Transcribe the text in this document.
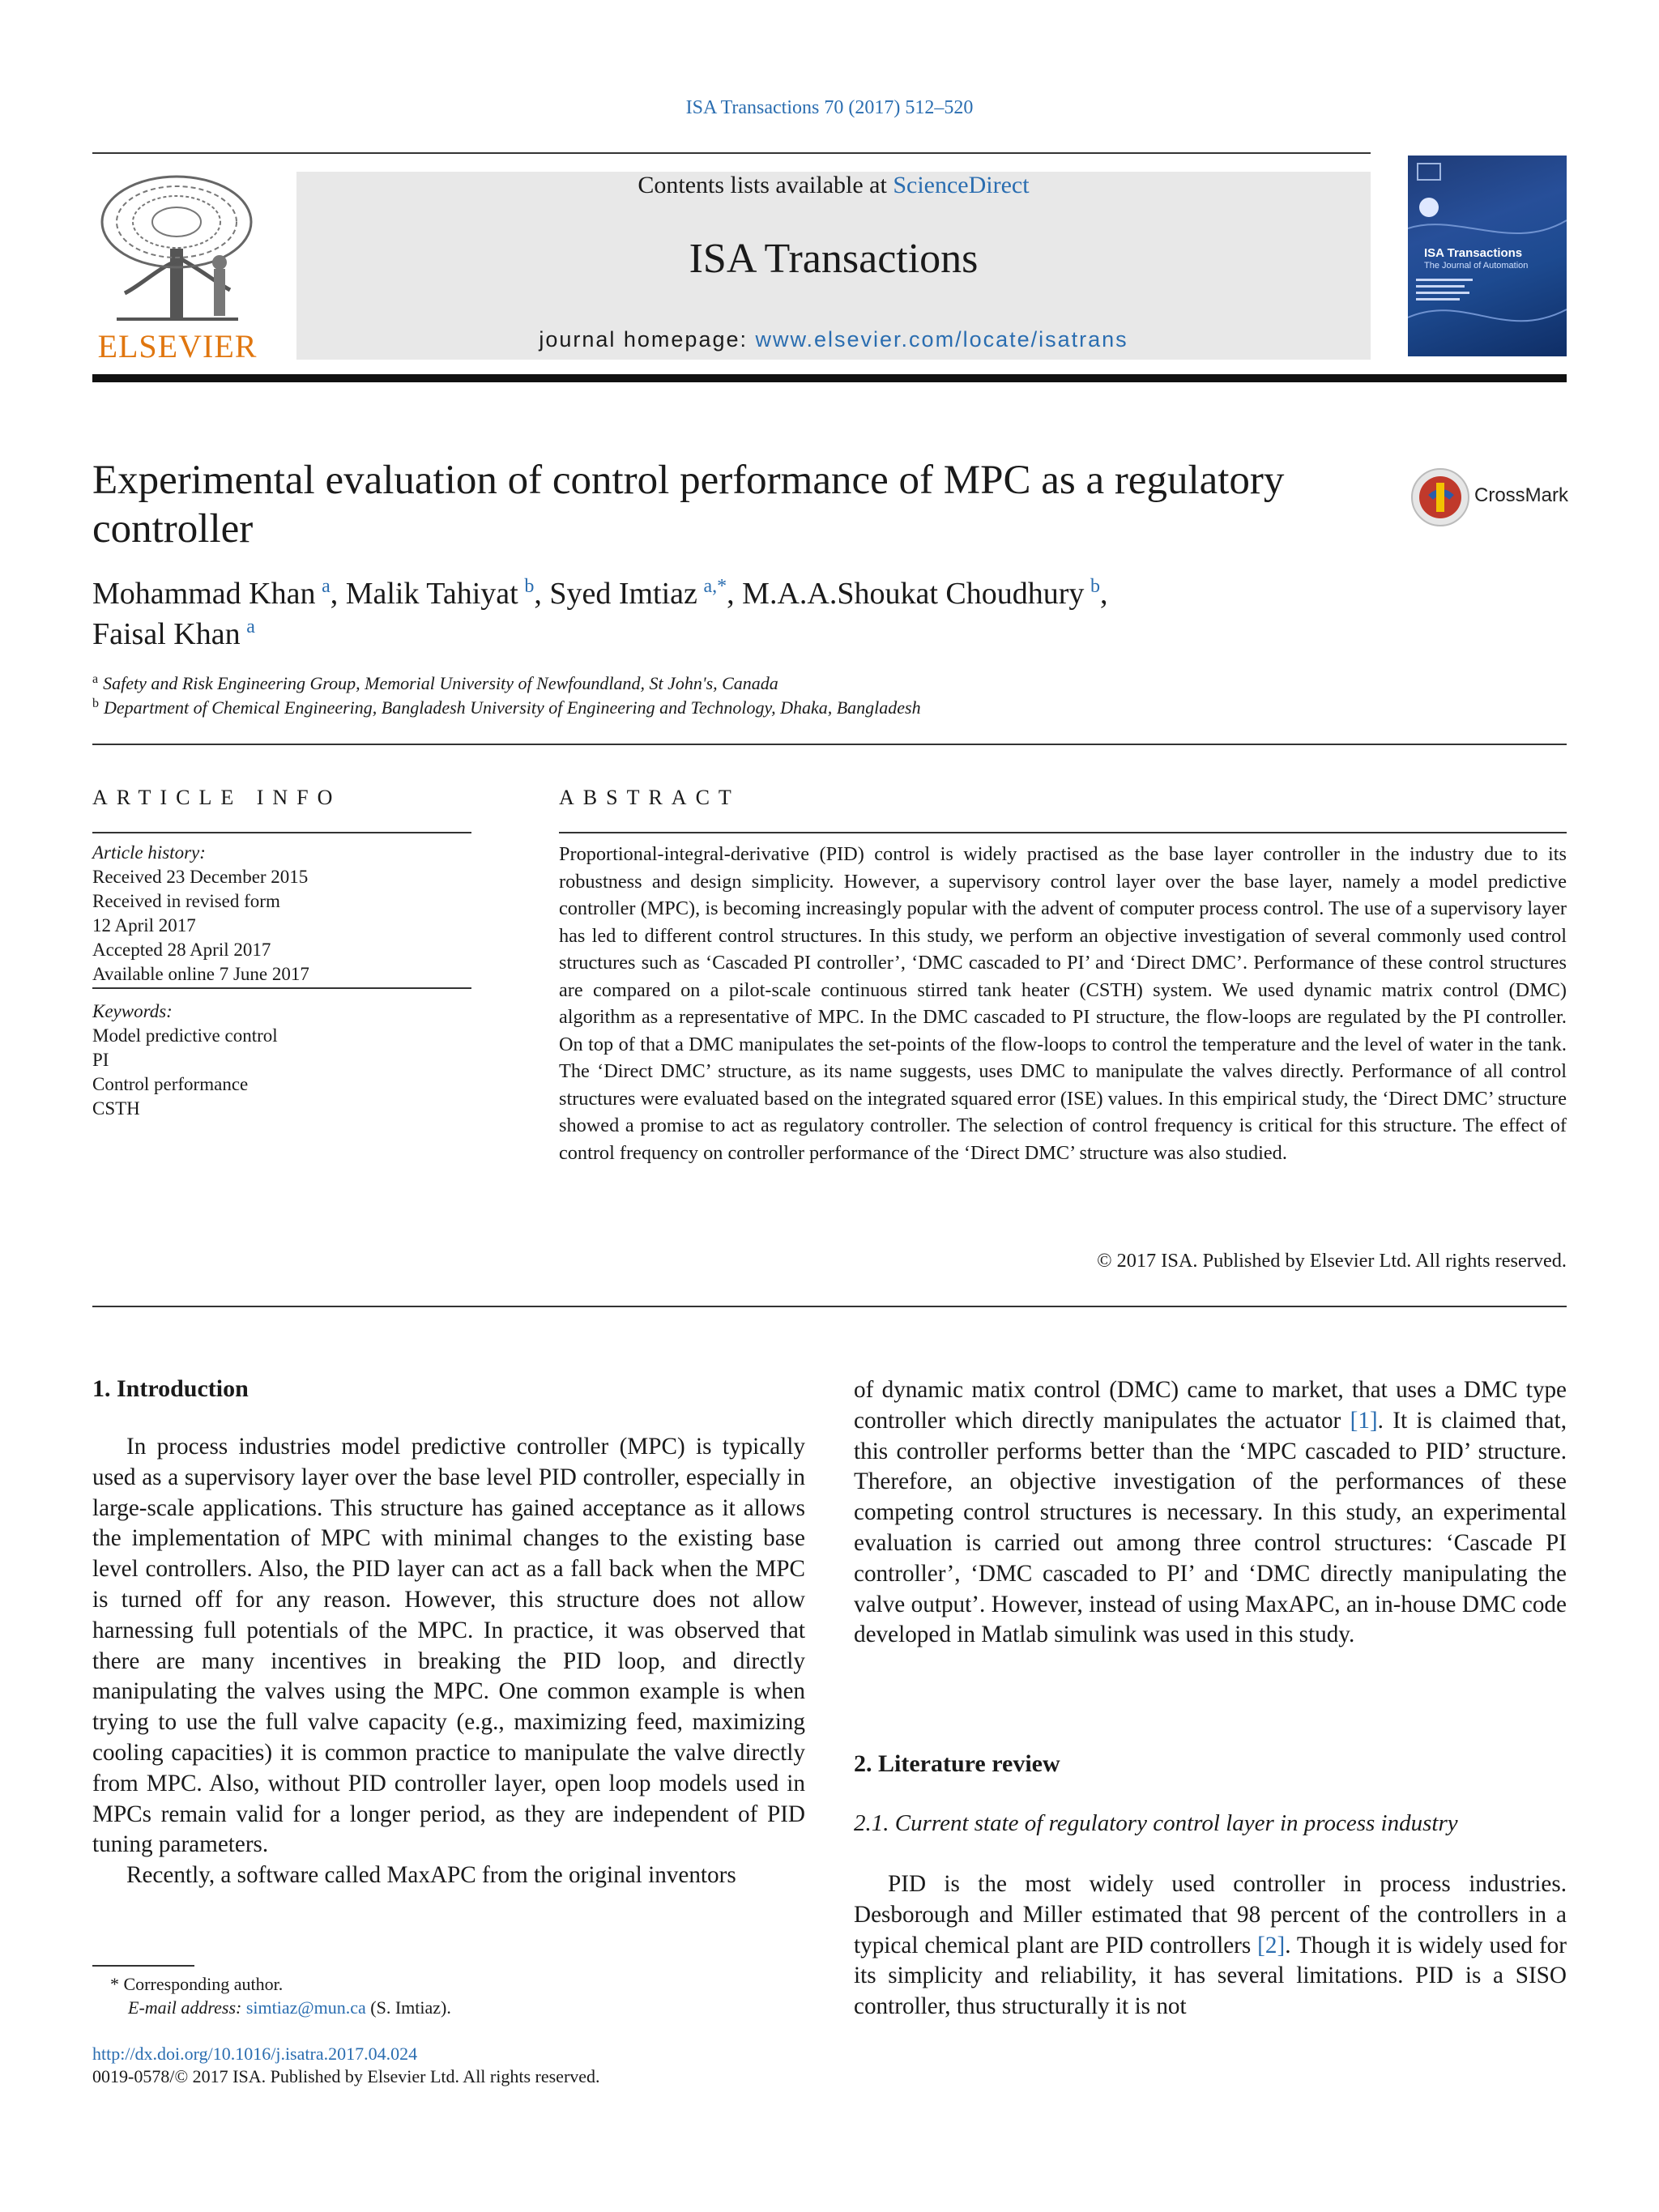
ISA Transactions 70 (2017) 512–520
ELSEVIER
Contents lists available at ScienceDirect
ISA Transactions
journal homepage: www.elsevier.com/locate/isatrans
ISA Transactions
The Journal of Automation
Experimental evaluation of control performance of MPC as a regulatory controller
CrossMark
Mohammad Khan  $^a$, Malik Tahiyat  $^b$, Syed Imtiaz  $^{a,*}$, M.A.A.Shoukat Choudhury  $^b$,
Faisal Khan  $^a$
$^a$ Safety and Risk Engineering Group, Memorial University of Newfoundland, St John's, Canada
$^b$ Department of Chemical Engineering, Bangladesh University of Engineering and Technology, Dhaka, Bangladesh
ARTICLE INFO	ABSTRACT
Article history:
Received 23 December 2015
Received in revised form
12 April 2017
Accepted 28 April 2017
Available online 7 June 2017
Keywords:
Model predictive control
PI
Control performance
CSTH
Proportional-integral-derivative (PID) control is widely practised as the base layer controller in the industry due to its robustness and design simplicity. However, a supervisory control layer over the base layer, namely a model predictive controller (MPC), is becoming increasingly popular with the advent of computer process control. The use of a supervisory layer has led to different control structures. In this study, we perform an objective investigation of several commonly used control structures such as ‘Cascaded PI controller’, ‘DMC cascaded to PI’ and ‘Direct DMC’. Performance of these control structures are compared on a pilot-scale continuous stirred tank heater (CSTH) system. We used dynamic matrix control (DMC) algorithm as a representative of MPC. In the DMC cascaded to PI structure, the flow-loops are regulated by the PI controller. On top of that a DMC manipulates the set-points of the flow-loops to control the temperature and the level of water in the tank. The ‘Direct DMC’ structure, as its name suggests, uses DMC to manipulate the valves directly. Performance of all control structures were evaluated based on the integrated squared error (ISE) values. In this empirical study, the ‘Direct DMC’ structure showed a promise to act as regulatory controller. The selection of control frequency is critical for this structure. The effect of control frequency on controller performance of the ‘Direct DMC’ structure was also studied.
© 2017 ISA. Published by Elsevier Ltd. All rights reserved.
1. Introduction

In process industries model predictive controller (MPC) is typically used as a supervisory layer over the base level PID controller, especially in large-scale applications. This structure has gained acceptance as it allows the implementation of MPC with minimal changes to the existing base level controllers. Also, the PID layer can act as a fall back when the MPC is turned off for any reason. However, this structure does not allow harnessing full potentials of the MPC. In practice, it was observed that there are many incentives in breaking the PID loop, and directly manipulating the valves using the MPC. One common example is when trying to use the full valve capacity (e.g., maximizing feed, maximizing cooling capacities) it is common practice to manipulate the valve directly from MPC. Also, without PID controller layer, open loop models used in MPCs remain valid for a longer period, as they are independent of PID tuning parameters.

Recently, a software called MaxAPC from the original inventors

of dynamic matix control (DMC) came to market, that uses a DMC type controller which directly manipulates the actuator [1]. It is claimed that, this controller performs better than the ‘MPC cascaded to PID’ structure. Therefore, an objective investigation of the performances of these competing control structures is necessary. In this study, an experimental evaluation is carried out among three control structures: ‘Cascade PI controller’, ‘DMC cascaded to PI’ and ‘DMC directly manipulating the valve output’. However, instead of using MaxAPC, an in-house DMC code developed in Matlab simulink was used in this study.

2. Literature review
2.1. Current state of regulatory control layer in process industry

PID is the most widely used controller in process industries. Desborough and Miller estimated that 98 percent of the controllers in a typical chemical plant are PID controllers [2]. Though it is widely used for its simplicity and reliability, it has several limitations. PID is a SISO controller, thus structurally it is not

* Corresponding author.
E-mail address: simtiaz@mun.ca (S. Imtiaz).
http://dx.doi.org/10.1016/j.isatra.2017.04.024
0019-0578/© 2017 ISA. Published by Elsevier Ltd. All rights reserved.
